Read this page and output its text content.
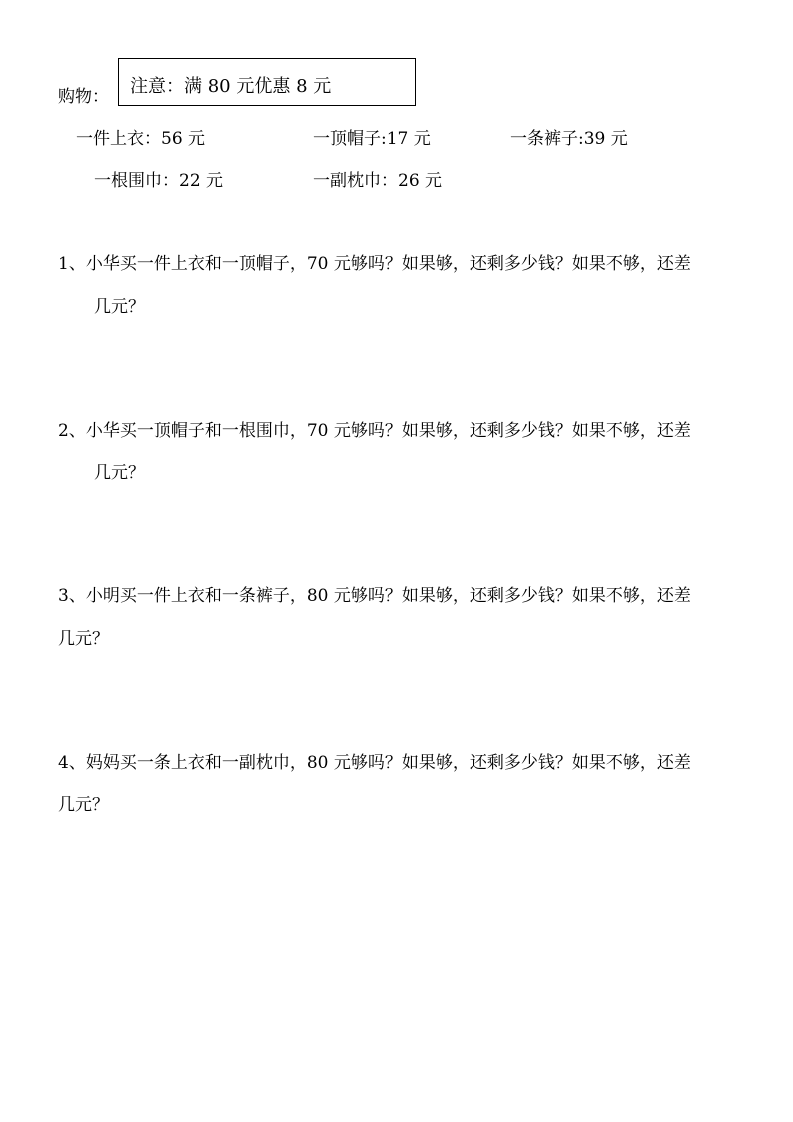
购物： 注意：满 80 元优惠 8 元
一件上衣：56 元	一顶帽子:17 元	一条裤子:39 元
一根围巾：22 元	一副枕巾：26 元
1、小华买一件上衣和一顶帽子，70 元够吗？如果够，还剩多少钱？如果不够，还差
几元？
2、小华买一顶帽子和一根围巾，70 元够吗？如果够，还剩多少钱？如果不够，还差
几元？
3、小明买一件上衣和一条裤子，80 元够吗？如果够，还剩多少钱？如果不够，还差
几元？
4、妈妈买一条上衣和一副枕巾，80 元够吗？如果够，还剩多少钱？如果不够，还差
几元？
